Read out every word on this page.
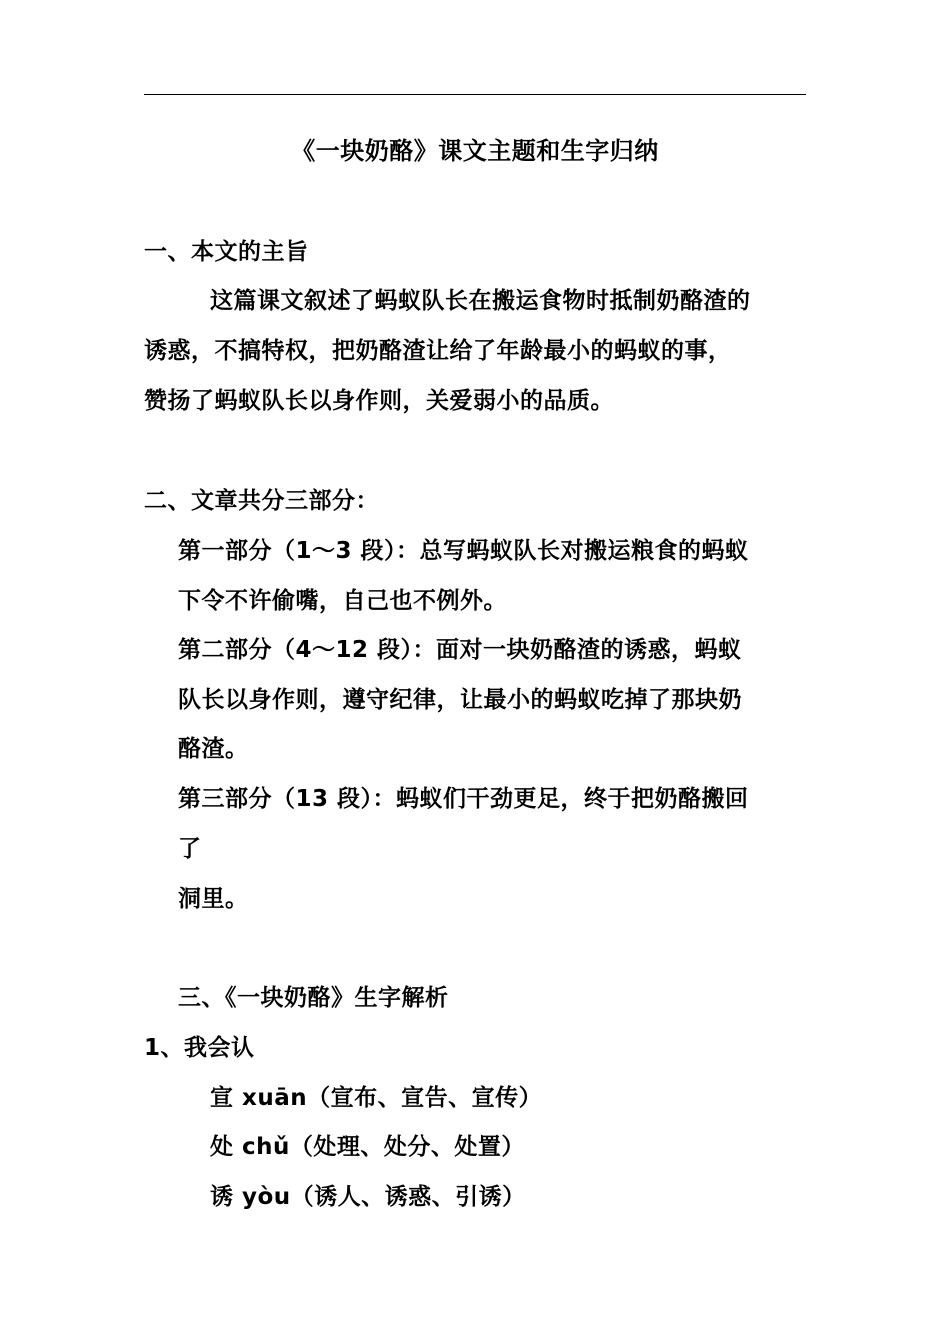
《一块奶酪》课文主题和生字归纳
一、本文的主旨
这篇课文叙述了蚂蚁队长在搬运食物时抵制奶酪渣的
诱惑，不搞特权，把奶酪渣让给了年龄最小的蚂蚁的事，
赞扬了蚂蚁队长以身作则，关爱弱小的品质。
二、文章共分三部分：
第一部分（1～3 段）：总写蚂蚁队长对搬运粮食的蚂蚁
下令不许偷嘴，自己也不例外。
第二部分（4～12 段）：面对一块奶酪渣的诱惑，蚂蚁
队长以身作则，遵守纪律，让最小的蚂蚁吃掉了那块奶
酪渣。
第三部分（13 段）：蚂蚁们干劲更足，终于把奶酪搬回
了
洞里。
三、《一块奶酪》生字解析
1、我会认
宣 xuān（宣布、宣告、宣传）
处 chǔ（处理、处分、处置）
诱 yòu（诱人、诱惑、引诱）
